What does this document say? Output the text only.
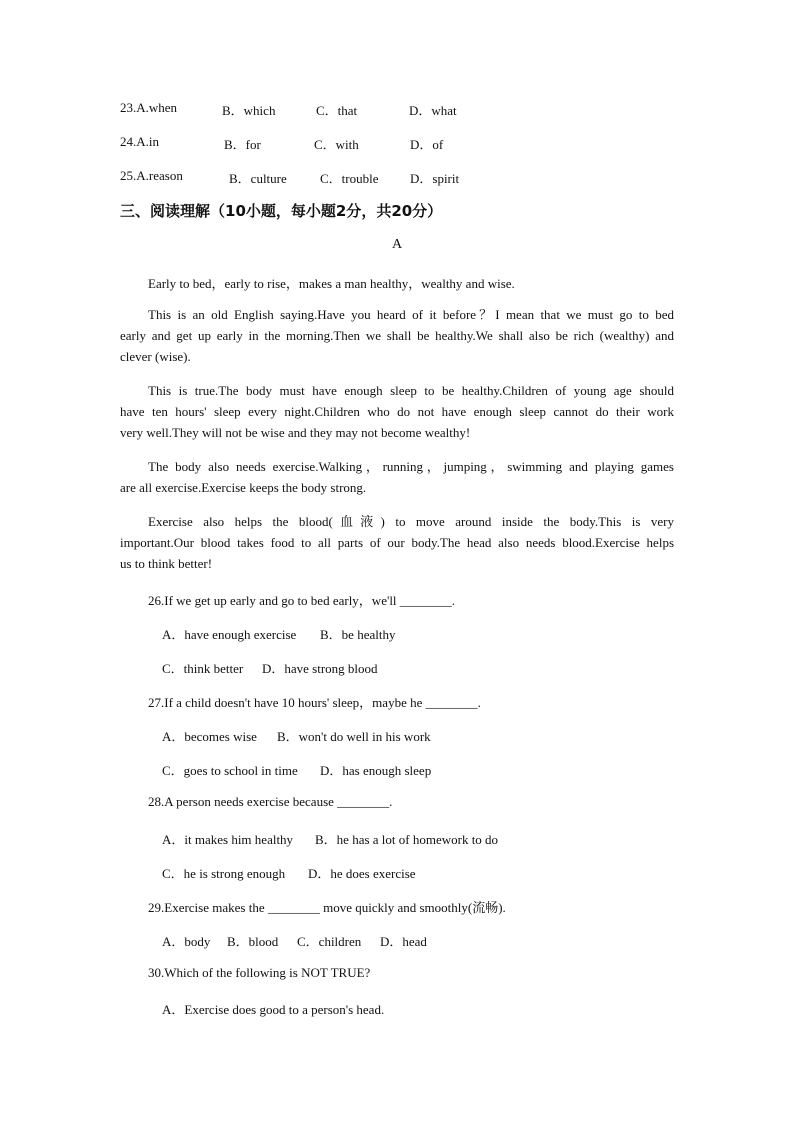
23.A.when	B．which	C．that	D．what
24.A.in	B．for	C．with	D．of
25.A.reason	B．culture	C．trouble D．spirit
三、阅读理解（10小题，每小题2分，共20分）
A
Early to bed，early to rise，makes a man healthy，wealthy and wise.
This is an old English saying.Have you heard of it before？I mean that we must go to bed
early and get up early in the morning.Then we shall be healthy.We shall also be rich (wealthy) and
clever (wise).
This is true.The body must have enough sleep to be healthy.Children of young age should
have ten hours' sleep every night.Children who do not have enough sleep cannot do their work
very well.They will not be wise and they may not become wealthy!
The body also needs exercise.Walking，running，jumping，swimming and playing games
are all exercise.Exercise keeps the body strong.
Exercise also helps the blood(血液) to move around inside the body.This is very
important.Our blood takes food to all parts of our body.The head also needs blood.Exercise helps
us to think better!
26.If we get up early and go to bed early，we'll ________.
A．have enough exercise B．be healthy
C．think better D．have strong blood
27.If a child doesn't have 10 hours' sleep，maybe he ________.
A．becomes wise B．won't do well in his work
C．goes to school in time D．has enough sleep
28.A person needs exercise because ________.
A．it makes him healthy B．he has a lot of homework to do
C．he is strong enough D．he does exercise
29.Exercise makes the ________ move quickly and smoothly(流畅).
A．body B．blood C．children D．head
30.Which of the following is NOT TRUE?
A．Exercise does good to a person's head.
